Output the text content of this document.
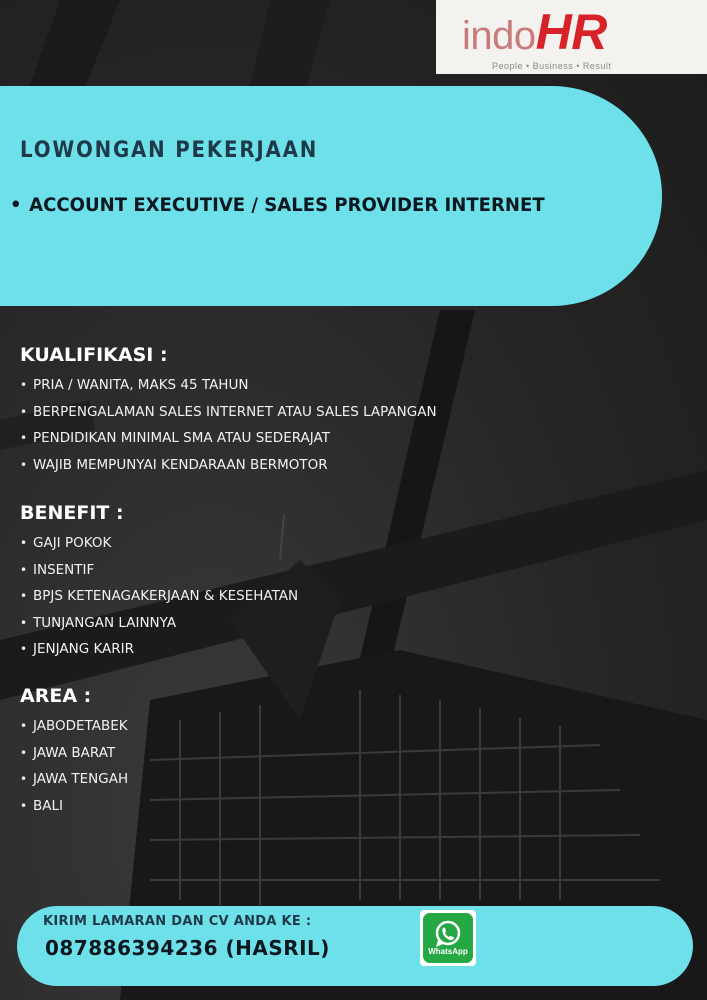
indoHR
People • Business • Result
LOWONGAN PEKERJAAN
• ACCOUNT EXECUTIVE / SALES PROVIDER INTERNET
KUALIFIKASI :
• PRIA / WANITA, MAKS 45 TAHUN
• BERPENGALAMAN SALES INTERNET ATAU SALES LAPANGAN
• PENDIDIKAN MINIMAL SMA ATAU SEDERAJAT
• WAJIB MEMPUNYAI KENDARAAN BERMOTOR
BENEFIT :
• GAJI POKOK
• INSENTIF
• BPJS KETENAGAKERJAAN & KESEHATAN
• TUNJANGAN LAINNYA
• JENJANG KARIR
AREA :
• JABODETABEK
• JAWA BARAT
• JAWA TENGAH
• BALI
KIRIM LAMARAN DAN CV ANDA KE :
087886394236 (HASRIL)	WhatsApp
